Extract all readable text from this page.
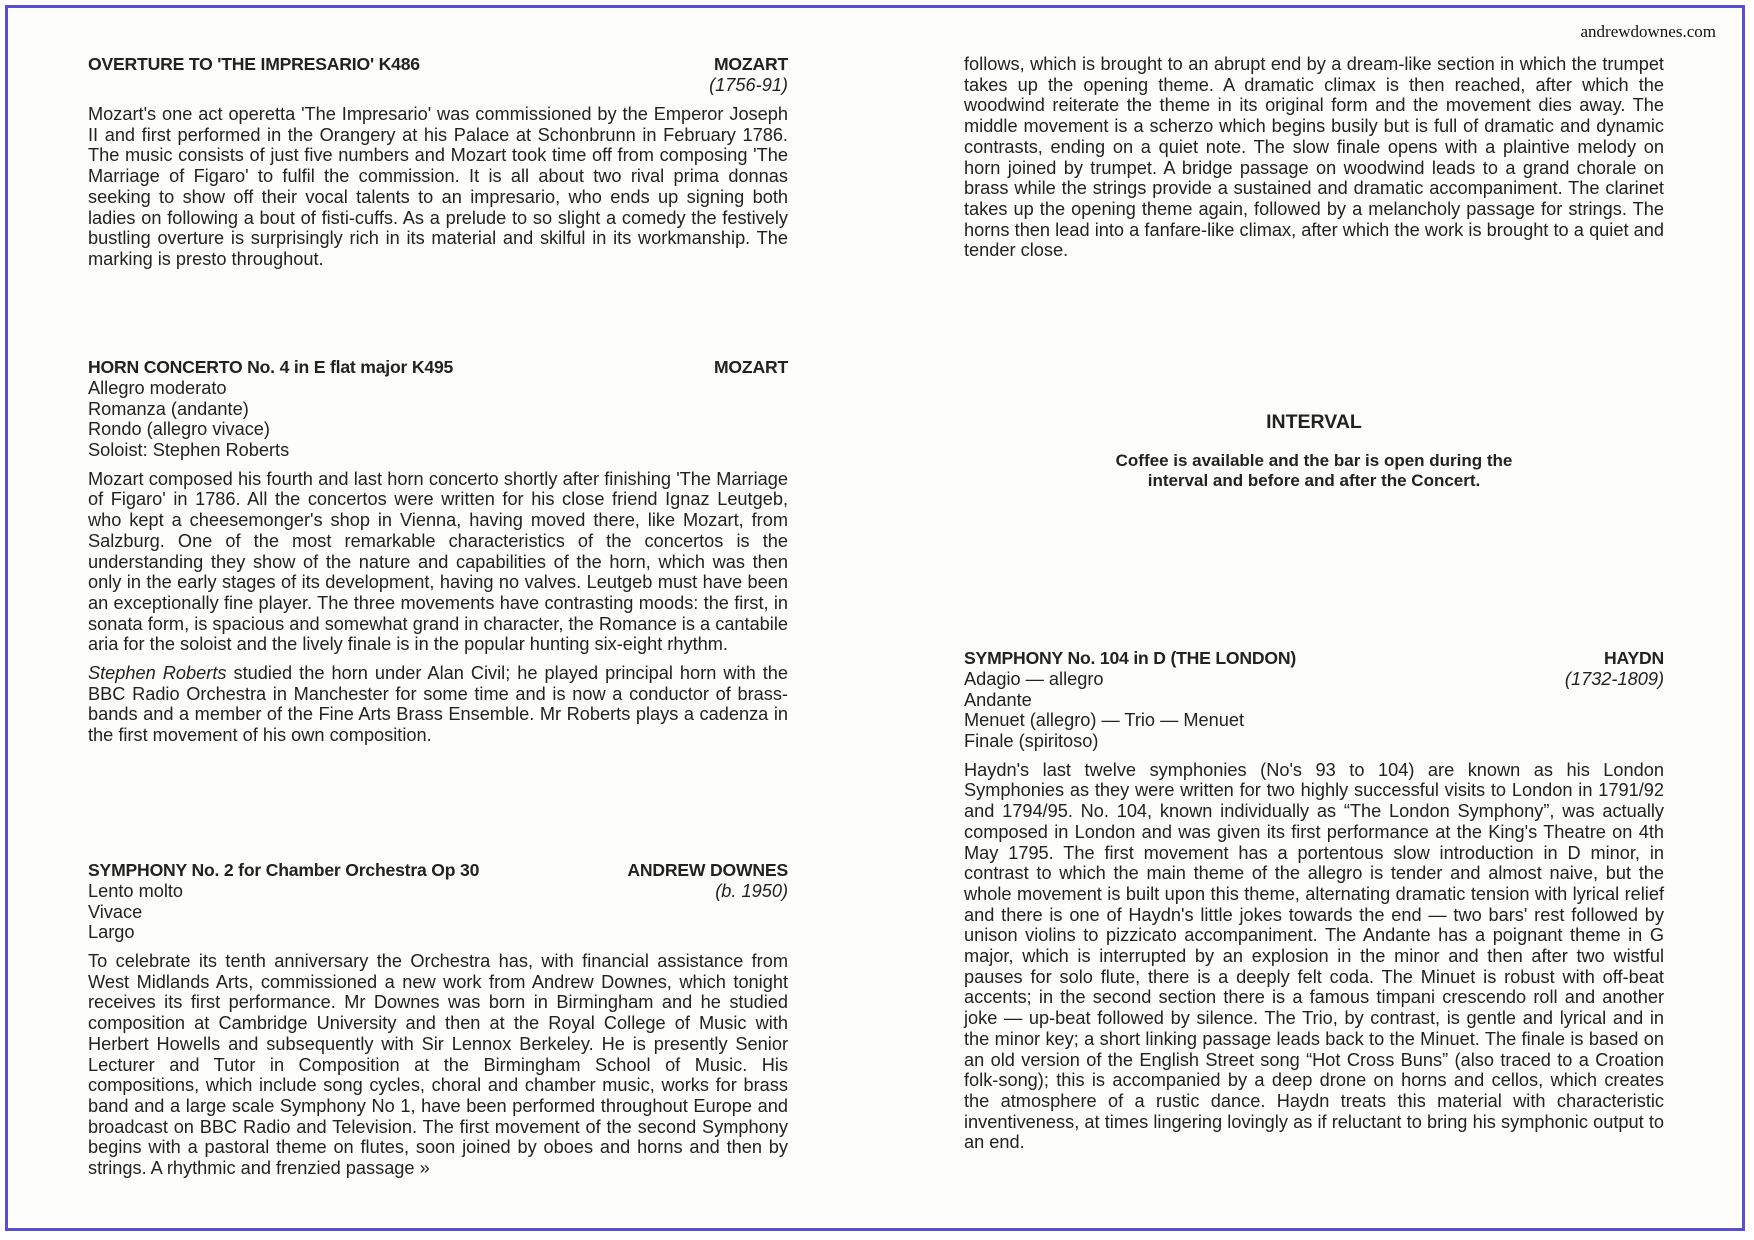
andrewdownes.com
OVERTURE TO 'THE IMPRESARIO' K486	MOZART
(1756-91)

Mozart's one act operetta 'The Impresario' was commissioned by the Emperor Joseph II and first performed in the Orangery at his Palace at Schonbrunn in February 1786. The music consists of just five numbers and Mozart took time off from composing 'The Marriage of Figaro' to fulfil the commission. It is all about two rival prima donnas seeking to show off their vocal talents to an impresario, who ends up signing both ladies on following a bout of fisti-cuffs. As a prelude to so slight a comedy the festively bustling overture is surprisingly rich in its material and skilful in its workmanship. The marking is presto throughout.

HORN CONCERTO No. 4 in E flat major K495	MOZART
Allegro moderato
Romanza (andante)
Rondo (allegro vivace)
Soloist: Stephen Roberts

Mozart composed his fourth and last horn concerto shortly after finishing 'The Marriage of Figaro' in 1786. All the concertos were written for his close friend Ignaz Leutgeb, who kept a cheesemonger's shop in Vienna, having moved there, like Mozart, from Salzburg. One of the most remarkable characteristics of the concertos is the understanding they show of the nature and capabilities of the horn, which was then only in the early stages of its development, having no valves. Leutgeb must have been an exceptionally fine player. The three movements have contrasting moods: the first, in sonata form, is spacious and somewhat grand in character, the Romance is a cantabile aria for the soloist and the lively finale is in the popular hunting six-eight rhythm.

Stephen Roberts studied the horn under Alan Civil; he played principal horn with the BBC Radio Orchestra in Manchester for some time and is now a conductor of brass-bands and a member of the Fine Arts Brass Ensemble. Mr Roberts plays a cadenza in the first movement of his own composition.

SYMPHONY No. 2 for Chamber Orchestra Op 30	ANDREW DOWNES
(b. 1950)
Lento molto
Vivace
Largo

To celebrate its tenth anniversary the Orchestra has, with financial assistance from West Midlands Arts, commissioned a new work from Andrew Downes, which tonight receives its first performance. Mr Downes was born in Birmingham and he studied composition at Cambridge University and then at the Royal College of Music with Herbert Howells and subsequently with Sir Lennox Berkeley. He is presently Senior Lecturer and Tutor in Composition at the Birmingham School of Music. His compositions, which include song cycles, choral and chamber music, works for brass band and a large scale Symphony No 1, have been performed throughout Europe and broadcast on BBC Radio and Television. The first movement of the second Symphony begins with a pastoral theme on flutes, soon joined by oboes and horns and then by strings. A rhythmic and frenzied passage »

follows, which is brought to an abrupt end by a dream-like section in which the trumpet takes up the opening theme. A dramatic climax is then reached, after which the woodwind reiterate the theme in its original form and the movement dies away. The middle movement is a scherzo which begins busily but is full of dramatic and dynamic contrasts, ending on a quiet note. The slow finale opens with a plaintive melody on horn joined by trumpet. A bridge passage on woodwind leads to a grand chorale on brass while the strings provide a sustained and dramatic accompaniment. The clarinet takes up the opening theme again, followed by a melancholy passage for strings. The horns then lead into a fanfare-like climax, after which the work is brought to a quiet and tender close.

INTERVAL
Coffee is available and the bar is open during the
interval and before and after the Concert.
SYMPHONY No. 104 in D (THE LONDON)	HAYDN
(1732-1809)
Adagio — allegro
Andante
Menuet (allegro) — Trio — Menuet
Finale (spiritoso)

Haydn's last twelve symphonies (No's 93 to 104) are known as his London Symphonies as they were written for two highly successful visits to London in 1791/92 and 1794/95. No. 104, known individually as “The London Symphony”, was actually composed in London and was given its first performance at the King's Theatre on 4th May 1795. The first movement has a portentous slow introduction in D minor, in contrast to which the main theme of the allegro is tender and almost naive, but the whole movement is built upon this theme, alternating dramatic tension with lyrical relief and there is one of Haydn's little jokes towards the end — two bars' rest followed by unison violins to pizzicato accompaniment. The Andante has a poignant theme in G major, which is interrupted by an explosion in the minor and then after two wistful pauses for solo flute, there is a deeply felt coda. The Minuet is robust with off-beat accents; in the second section there is a famous timpani crescendo roll and another joke — up-beat followed by silence. The Trio, by contrast, is gentle and lyrical and in the minor key; a short linking passage leads back to the Minuet. The finale is based on an old version of the English Street song “Hot Cross Buns” (also traced to a Croation folk-song); this is accompanied by a deep drone on horns and cellos, which creates the atmosphere of a rustic dance. Haydn treats this material with characteristic inventiveness, at times lingering lovingly as if reluctant to bring his symphonic output to an end.
